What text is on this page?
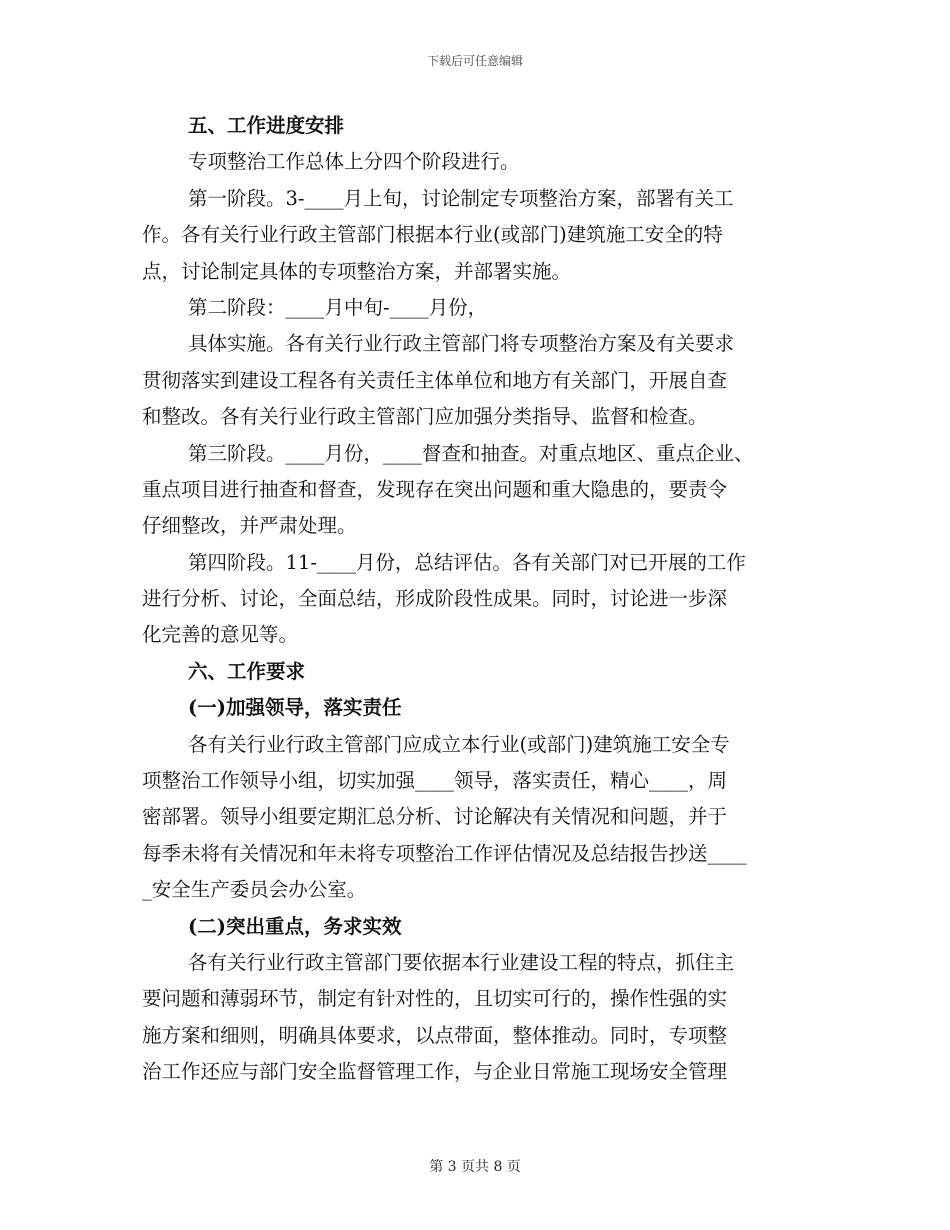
下载后可任意编辑
五、工作进度安排
专项整治工作总体上分四个阶段进行。
第一阶段。3-____月上旬，讨论制定专项整治方案，部署有关工
作。各有关行业行政主管部门根据本行业(或部门)建筑施工安全的特
点，讨论制定具体的专项整治方案，并部署实施。
第二阶段：____月中旬-____月份，
具体实施。各有关行业行政主管部门将专项整治方案及有关要求
贯彻落实到建设工程各有关责任主体单位和地方有关部门，开展自查
和整改。各有关行业行政主管部门应加强分类指导、监督和检查。
第三阶段。____月份，____督查和抽查。对重点地区、重点企业、
重点项目进行抽查和督查，发现存在突出问题和重大隐患的，要责令
仔细整改，并严肃处理。
第四阶段。11-____月份，总结评估。各有关部门对已开展的工作
进行分析、讨论，全面总结，形成阶段性成果。同时，讨论进一步深
化完善的意见等。
六、工作要求
(一)加强领导，落实责任
各有关行业行政主管部门应成立本行业(或部门)建筑施工安全专
项整治工作领导小组，切实加强____领导，落实责任，精心____，周
密部署。领导小组要定期汇总分析、讨论解决有关情况和问题，并于
每季未将有关情况和年未将专项整治工作评估情况及总结报告抄送____
_安全生产委员会办公室。
(二)突出重点，务求实效
各有关行业行政主管部门要依据本行业建设工程的特点，抓住主
要问题和薄弱环节，制定有针对性的，且切实可行的，操作性强的实
施方案和细则，明确具体要求，以点带面，整体推动。同时，专项整
治工作还应与部门安全监督管理工作，与企业日常施工现场安全管理
第 3 页共 8 页
